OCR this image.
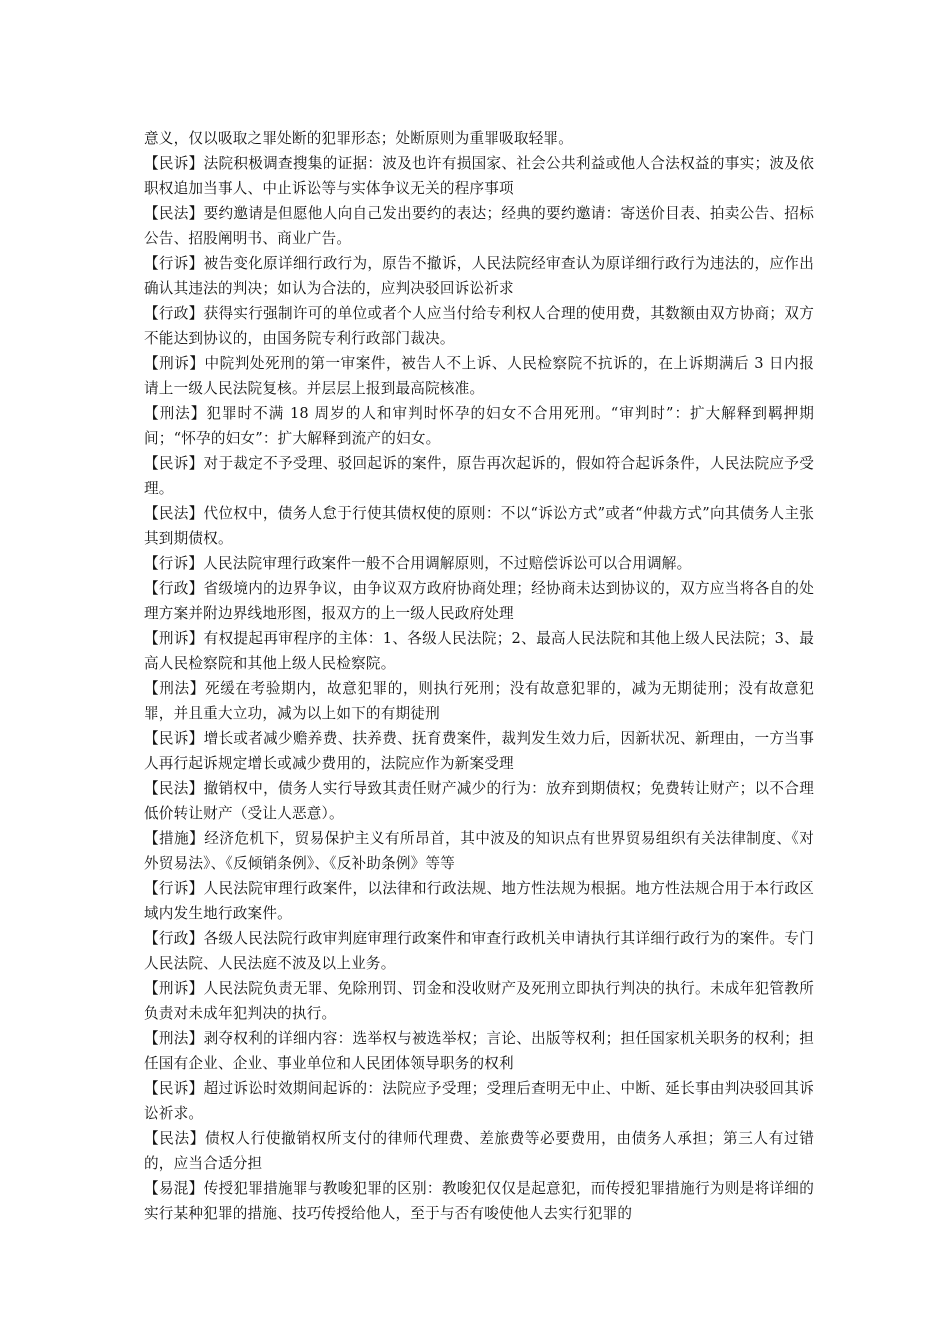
意义，仅以吸取之罪处断的犯罪形态；处断原则为重罪吸取轻罪。

【民诉】法院积极调查搜集的证据：波及也许有损国家、社会公共利益或他人合法权益的事实；波及依职权追加当事人、中止诉讼等与实体争议无关的程序事项

【民法】要约邀请是但愿他人向自己发出要约的表达；经典的要约邀请：寄送价目表、拍卖公告、招标公告、招股阐明书、商业广告。

【行诉】被告变化原详细行政行为，原告不撤诉，人民法院经审查认为原详细行政行为违法的，应作出确认其违法的判决；如认为合法的，应判决驳回诉讼祈求

【行政】获得实行强制许可的单位或者个人应当付给专利权人合理的使用费，其数额由双方协商；双方不能达到协议的，由国务院专利行政部门裁决。

【刑诉】中院判处死刑的第一审案件，被告人不上诉、人民检察院不抗诉的，在上诉期满后 3 日内报请上一级人民法院复核。并层层上报到最高院核准。

【刑法】犯罪时不满 18 周岁的人和审判时怀孕的妇女不合用死刑。“审判时”：扩大解释到羁押期间；“怀孕的妇女”：扩大解释到流产的妇女。

【民诉】对于裁定不予受理、驳回起诉的案件，原告再次起诉的，假如符合起诉条件，人民法院应予受理。

【民法】代位权中，债务人怠于行使其债权使的原则：不以“诉讼方式”或者“仲裁方式”向其债务人主张其到期债权。

【行诉】人民法院审理行政案件一般不合用调解原则，不过赔偿诉讼可以合用调解。

【行政】省级境内的边界争议，由争议双方政府协商处理；经协商未达到协议的，双方应当将各自的处理方案并附边界线地形图，报双方的上一级人民政府处理

【刑诉】有权提起再审程序的主体：1、各级人民法院；2、最高人民法院和其他上级人民法院；3、最高人民检察院和其他上级人民检察院。

【刑法】死缓在考验期内，故意犯罪的，则执行死刑；没有故意犯罪的，减为无期徒刑；没有故意犯罪，并且重大立功，减为以上如下的有期徒刑

【民诉】增长或者减少赡养费、扶养费、抚育费案件，裁判发生效力后，因新状况、新理由，一方当事人再行起诉规定增长或减少费用的，法院应作为新案受理

【民法】撤销权中，债务人实行导致其责任财产减少的行为：放弃到期债权；免费转让财产；以不合理低价转让财产（受让人恶意）。

【措施】经济危机下，贸易保护主义有所昂首，其中波及的知识点有世界贸易组织有关法律制度、《对外贸易法》、《反倾销条例》、《反补助条例》等等

【行诉】人民法院审理行政案件，以法律和行政法规、地方性法规为根据。地方性法规合用于本行政区域内发生地行政案件。

【行政】各级人民法院行政审判庭审理行政案件和审查行政机关申请执行其详细行政行为的案件。专门人民法院、人民法庭不波及以上业务。

【刑诉】人民法院负责无罪、免除刑罚、罚金和没收财产及死刑立即执行判决的执行。未成年犯管教所负责对未成年犯判决的执行。

【刑法】剥夺权利的详细内容：选举权与被选举权；言论、出版等权利；担任国家机关职务的权利；担任国有企业、企业、事业单位和人民团体领导职务的权利

【民诉】超过诉讼时效期间起诉的：法院应予受理；受理后查明无中止、中断、延长事由判决驳回其诉讼祈求。

【民法】债权人行使撤销权所支付的律师代理费、差旅费等必要费用，由债务人承担；第三人有过错的，应当合适分担

【易混】传授犯罪措施罪与教唆犯罪的区别：教唆犯仅仅是起意犯，而传授犯罪措施行为则是将详细的实行某种犯罪的措施、技巧传授给他人，至于与否有唆使他人去实行犯罪的
